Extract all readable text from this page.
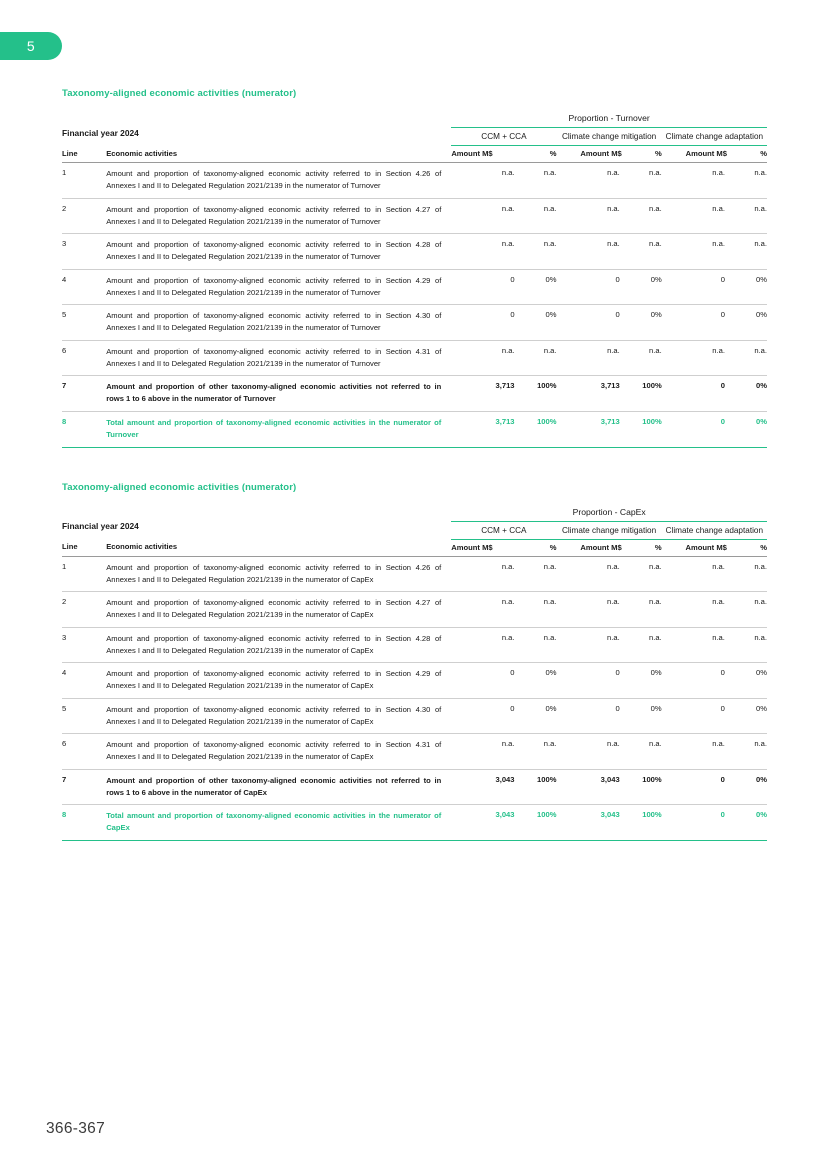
5
Taxonomy-aligned economic activities (numerator)
		Proportion - Turnover					
Financial year 2024		CCM + CCA		Climate change mitigation		Climate change adaptation	
Line	Economic activities	Amount M$	%	Amount M$	%	Amount M$	%
1	Amount and proportion of taxonomy-aligned economic activity referred to in Section 4.26 of Annexes I and II to Delegated Regulation 2021/2139 in the numerator of Turnover	n.a.	n.a.	n.a.	n.a.	n.a.	n.a.
2	Amount and proportion of taxonomy-aligned economic activity referred to in Section 4.27 of Annexes I and II to Delegated Regulation 2021/2139 in the numerator of Turnover	n.a.	n.a.	n.a.	n.a.	n.a.	n.a.
3	Amount and proportion of taxonomy-aligned economic activity referred to in Section 4.28 of Annexes I and II to Delegated Regulation 2021/2139 in the numerator of Turnover	n.a.	n.a.	n.a.	n.a.	n.a.	n.a.
4	Amount and proportion of taxonomy-aligned economic activity referred to in Section 4.29 of Annexes I and II to Delegated Regulation 2021/2139 in the numerator of Turnover	0	0%	0	0%	0	0%
5	Amount and proportion of taxonomy-aligned economic activity referred to in Section 4.30 of Annexes I and II to Delegated Regulation 2021/2139 in the numerator of Turnover	0	0%	0	0%	0	0%
6	Amount and proportion of taxonomy-aligned economic activity referred to in Section 4.31 of Annexes I and II to Delegated Regulation 2021/2139 in the numerator of Turnover	n.a.	n.a.	n.a.	n.a.	n.a.	n.a.
7	Amount and proportion of other taxonomy-aligned economic activities not referred to in rows 1 to 6 above in the numerator of Turnover	3,713	100%	3,713	100%	0	0%
8	Total amount and proportion of taxonomy-aligned economic activities in the numerator of Turnover	3,713	100%	3,713	100%	0	0%
Taxonomy-aligned economic activities (numerator)
		Proportion - CapEx					
Financial year 2024		CCM + CCA		Climate change mitigation		Climate change adaptation	
Line	Economic activities	Amount M$	%	Amount M$	%	Amount M$	%
1	Amount and proportion of taxonomy-aligned economic activity referred to in Section 4.26 of Annexes I and II to Delegated Regulation 2021/2139 in the numerator of CapEx	n.a.	n.a.	n.a.	n.a.	n.a.	n.a.
2	Amount and proportion of taxonomy-aligned economic activity referred to in Section 4.27 of Annexes I and II to Delegated Regulation 2021/2139 in the numerator of CapEx	n.a.	n.a.	n.a.	n.a.	n.a.	n.a.
3	Amount and proportion of taxonomy-aligned economic activity referred to in Section 4.28 of Annexes I and II to Delegated Regulation 2021/2139 in the numerator of CapEx	n.a.	n.a.	n.a.	n.a.	n.a.	n.a.
4	Amount and proportion of taxonomy-aligned economic activity referred to in Section 4.29 of Annexes I and II to Delegated Regulation 2021/2139 in the numerator of CapEx	0	0%	0	0%	0	0%
5	Amount and proportion of taxonomy-aligned economic activity referred to in Section 4.30 of Annexes I and II to Delegated Regulation 2021/2139 in the numerator of CapEx	0	0%	0	0%	0	0%
6	Amount and proportion of taxonomy-aligned economic activity referred to in Section 4.31 of Annexes I and II to Delegated Regulation 2021/2139 in the numerator of CapEx	n.a.	n.a.	n.a.	n.a.	n.a.	n.a.
7	Amount and proportion of other taxonomy-aligned economic activities not referred to in rows 1 to 6 above in the numerator of CapEx	3,043	100%	3,043	100%	0	0%
8	Total amount and proportion of taxonomy-aligned economic activities in the numerator of CapEx	3,043	100%	3,043	100%	0	0%
366-367
